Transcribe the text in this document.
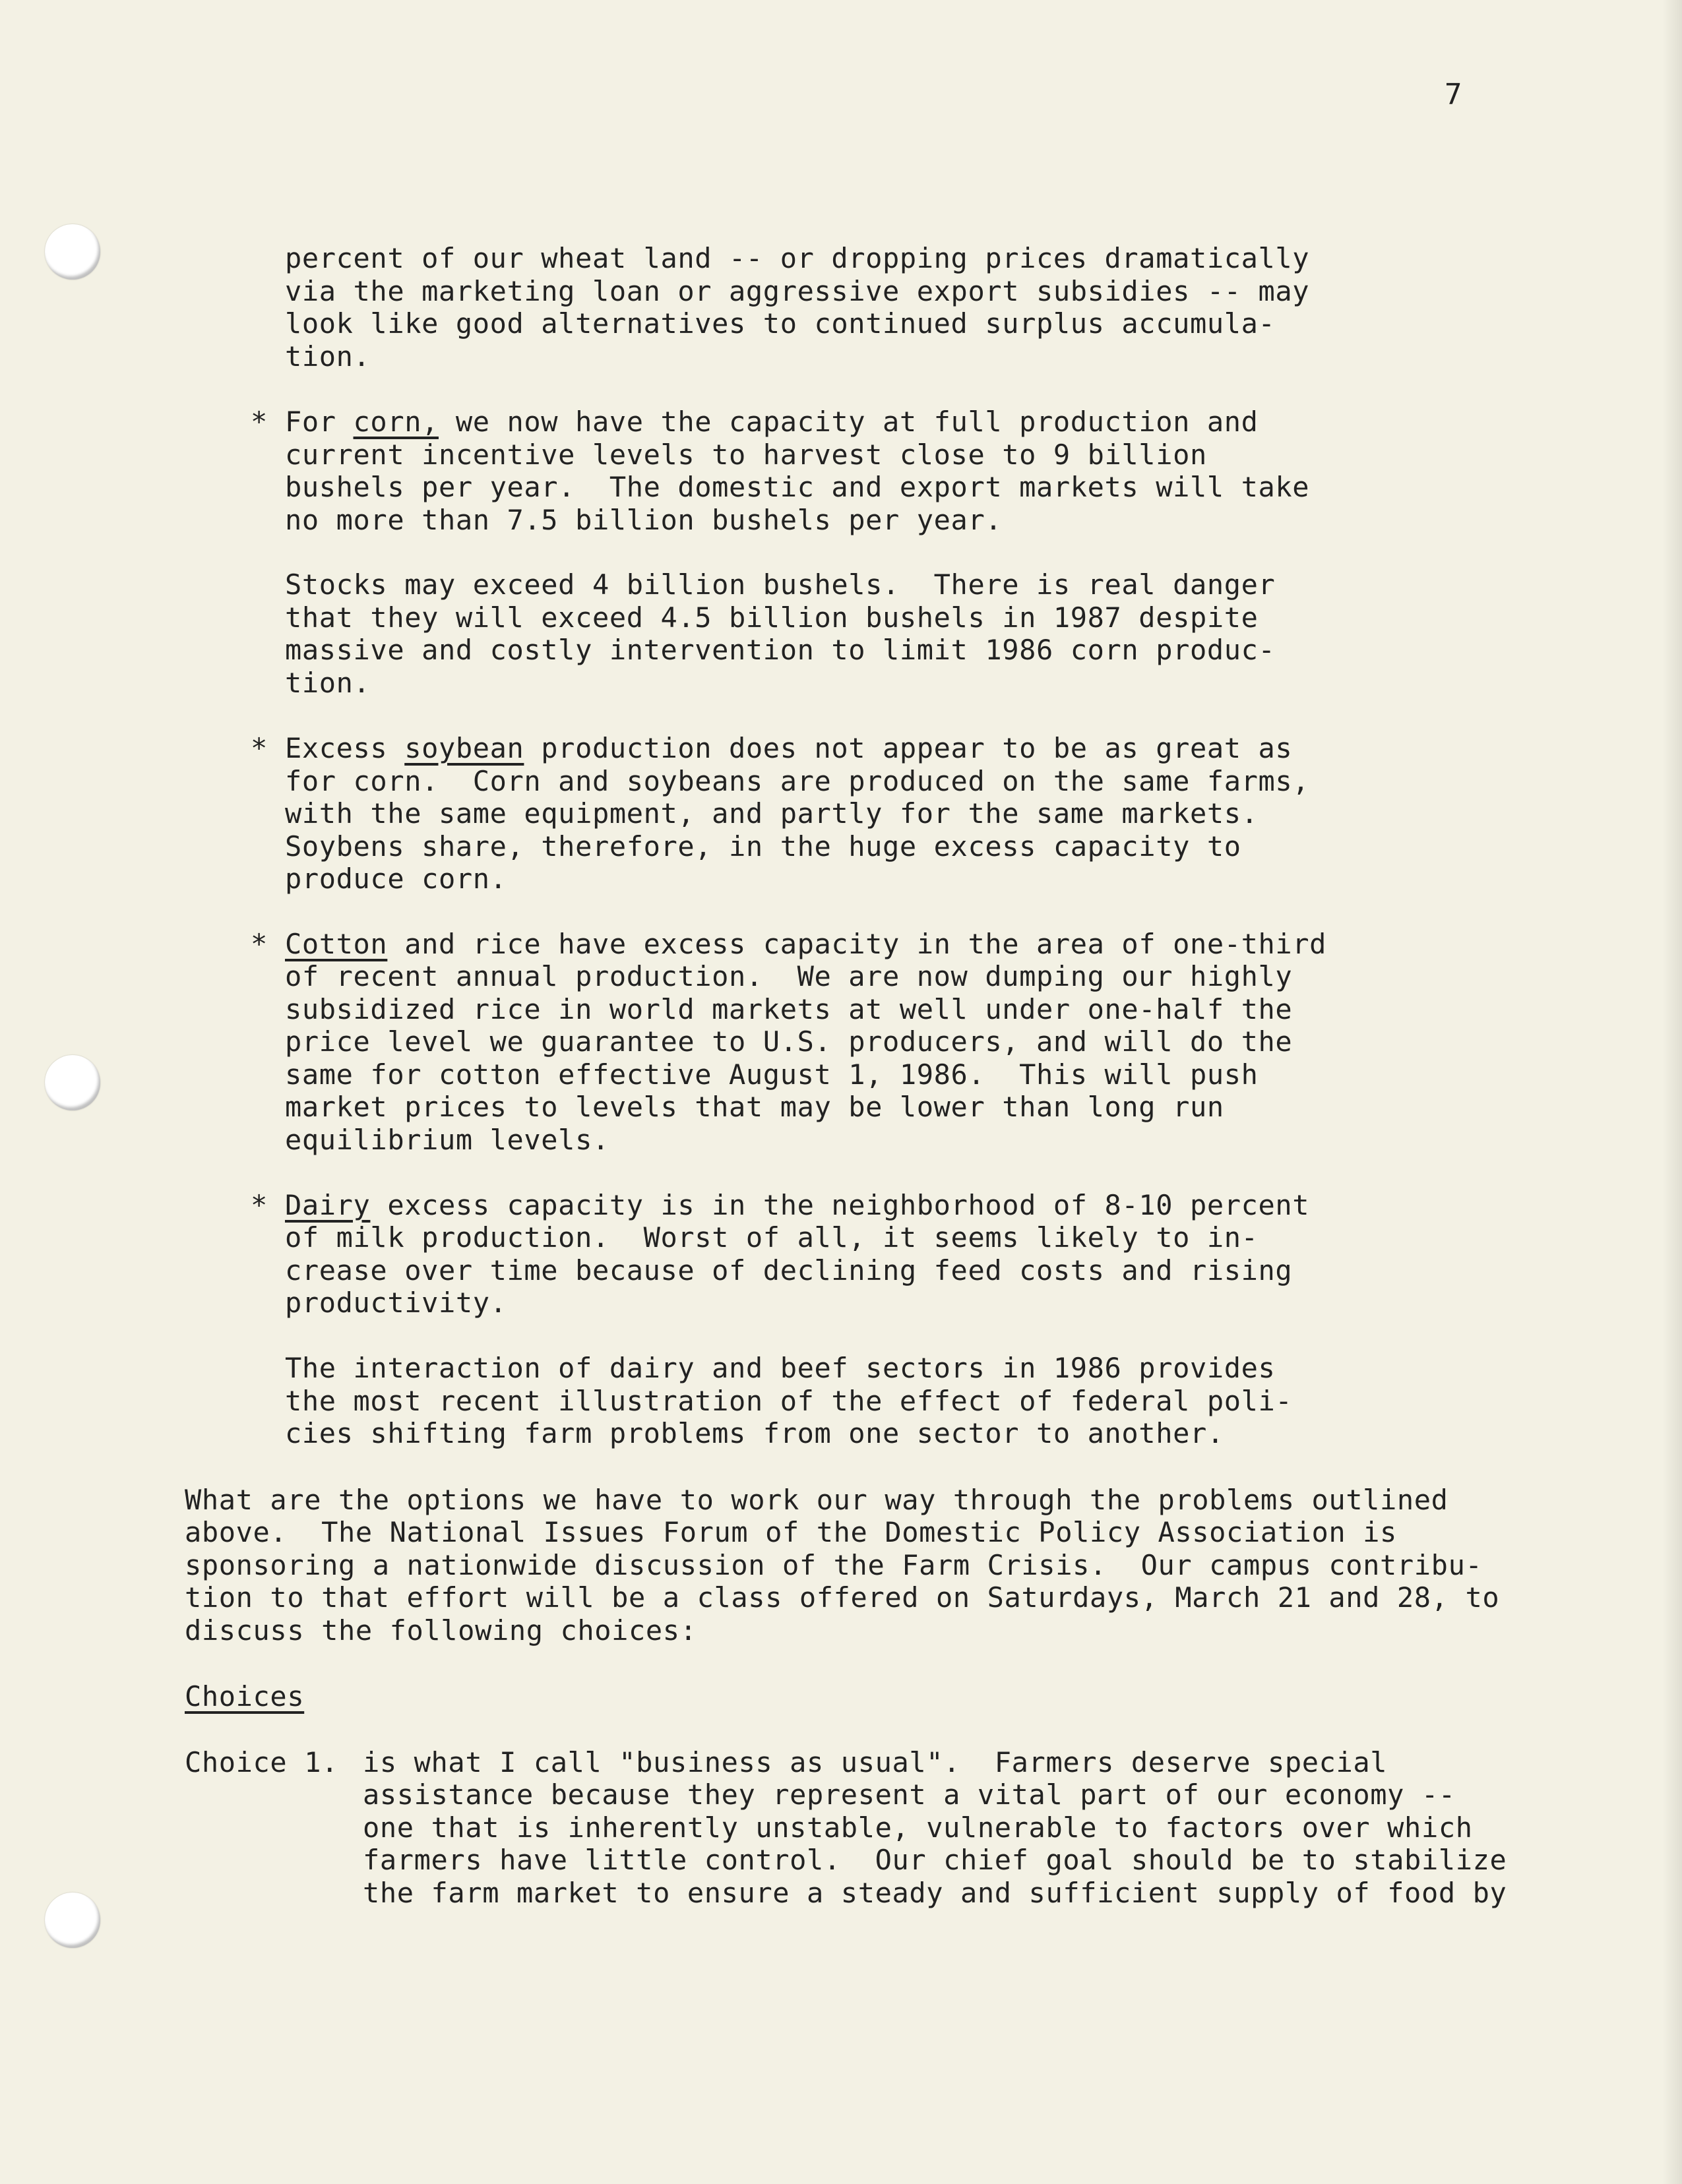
7
percent of our wheat land -- or dropping prices dramatically
via the marketing loan or aggressive export subsidies -- may
look like good alternatives to continued surplus accumula-
tion.
* For corn, we now have the capacity at full production and
current incentive levels to harvest close to 9 billion
bushels per year.  The domestic and export markets will take
no more than 7.5 billion bushels per year.
Stocks may exceed 4 billion bushels.  There is real danger
that they will exceed 4.5 billion bushels in 1987 despite
massive and costly intervention to limit 1986 corn produc-
tion.
* Excess soybean production does not appear to be as great as
for corn.  Corn and soybeans are produced on the same farms,
with the same equipment, and partly for the same markets.
Soybens share, therefore, in the huge excess capacity to
produce corn.
* Cotton and rice have excess capacity in the area of one-third
of recent annual production.  We are now dumping our highly
subsidized rice in world markets at well under one-half the
price level we guarantee to U.S. producers, and will do the
same for cotton effective August 1, 1986.  This will push
market prices to levels that may be lower than long run
equilibrium levels.
* Dairy excess capacity is in the neighborhood of 8-10 percent
of milk production.  Worst of all, it seems likely to in-
crease over time because of declining feed costs and rising
productivity.
The interaction of dairy and beef sectors in 1986 provides
the most recent illustration of the effect of federal poli-
cies shifting farm problems from one sector to another.
What are the options we have to work our way through the problems outlined
above.  The National Issues Forum of the Domestic Policy Association is
sponsoring a nationwide discussion of the Farm Crisis.  Our campus contribu-
tion to that effort will be a class offered on Saturdays, March 21 and 28, to
discuss the following choices:
Choices
Choice 1. is what I call "business as usual".  Farmers deserve special
assistance because they represent a vital part of our economy --
one that is inherently unstable, vulnerable to factors over which
farmers have little control.  Our chief goal should be to stabilize
the farm market to ensure a steady and sufficient supply of food by
